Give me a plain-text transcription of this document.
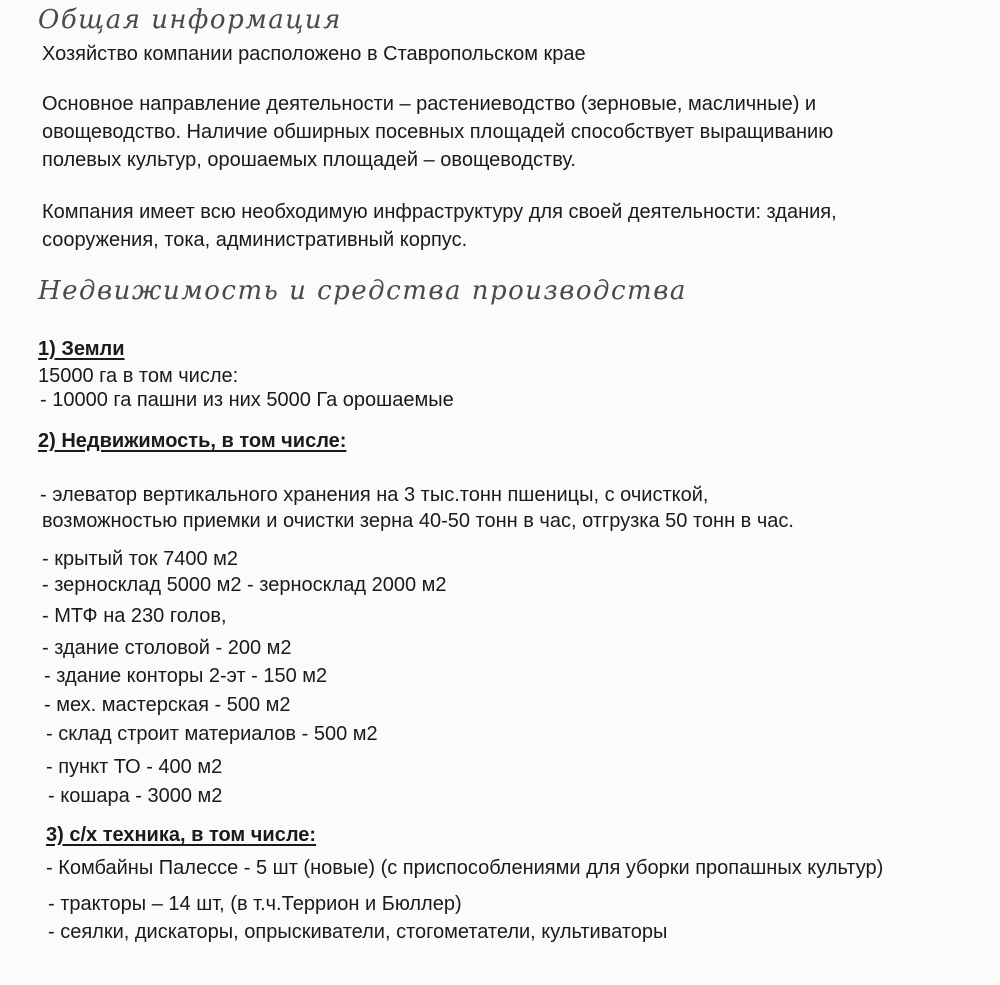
Общая информация

Хозяйство компании расположено в Ставропольском крае

Основное направление деятельности – растениеводство (зерновые, масличные) и
овощеводство. Наличие обширных посевных площадей способствует выращиванию
полевых культур, орошаемых площадей – овощеводству.
Компания имеет всю необходимую инфраструктуру для своей деятельности: здания,
сооружения, тока, административный корпус.
Недвижимость и средства производства

1) Земли

15000 га в том числе:

- 10000 га пашни из них 5000 Га орошаемые

2) Недвижимость, в том числе:

- элеватор вертикального хранения на 3 тыс.тонн пшеницы, с очисткой,

возможностью приемки и очистки зерна 40-50 тонн в час, отгрузка 50 тонн в час.

- крытый ток 7400 м2

- зерносклад 5000 м2 - зерносклад 2000 м2

- МТФ на 230 голов,

- здание столовой - 200 м2

- здание конторы 2-эт - 150 м2

- мех. мастерская - 500 м2

- склад строит материалов - 500 м2

- пункт ТО - 400 м2

- кошара - 3000 м2

3) с/х техника, в том числе:

- Комбайны Палессе - 5 шт (новые) (с приспособлениями для уборки пропашных культур)

- тракторы – 14 шт, (в т.ч.Террион и Бюллер)

- сеялки, дискаторы, опрыскиватели, стогометатели, культиваторы
